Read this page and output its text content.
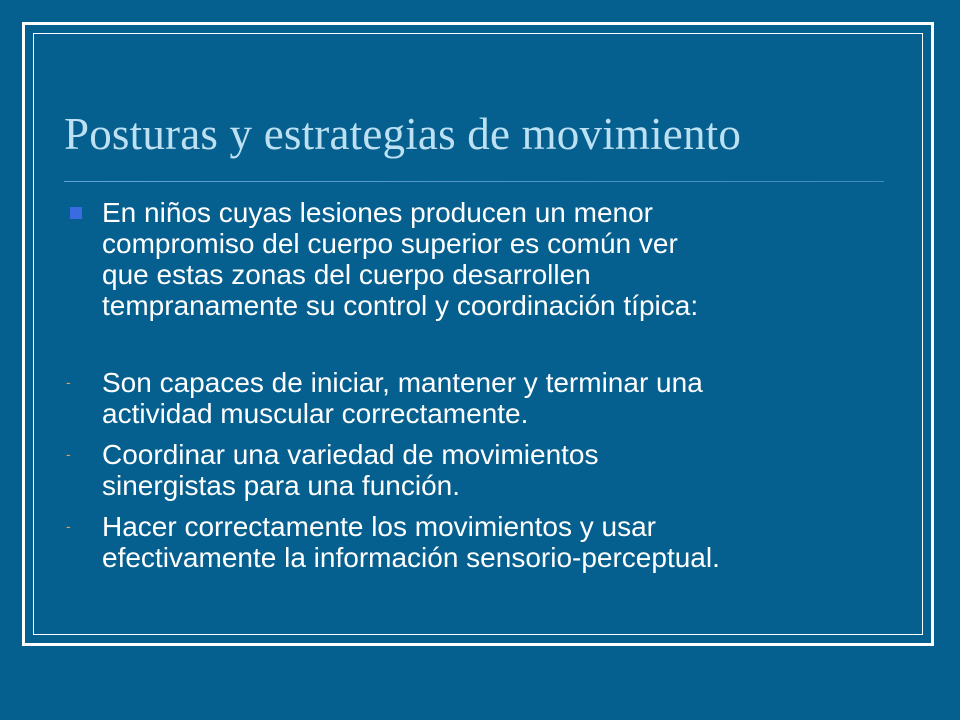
Posturas y estrategias de movimiento
En niños cuyas lesiones producen un menor
compromiso del cuerpo superior es común ver
que estas zonas del cuerpo desarrollen
tempranamente su control y coordinación típica:
- Son capaces de iniciar, mantener y terminar una
actividad muscular correctamente.
- Coordinar una variedad de movimientos
sinergistas para una función.
- Hacer correctamente los movimientos y usar
efectivamente la información sensorio-perceptual.
